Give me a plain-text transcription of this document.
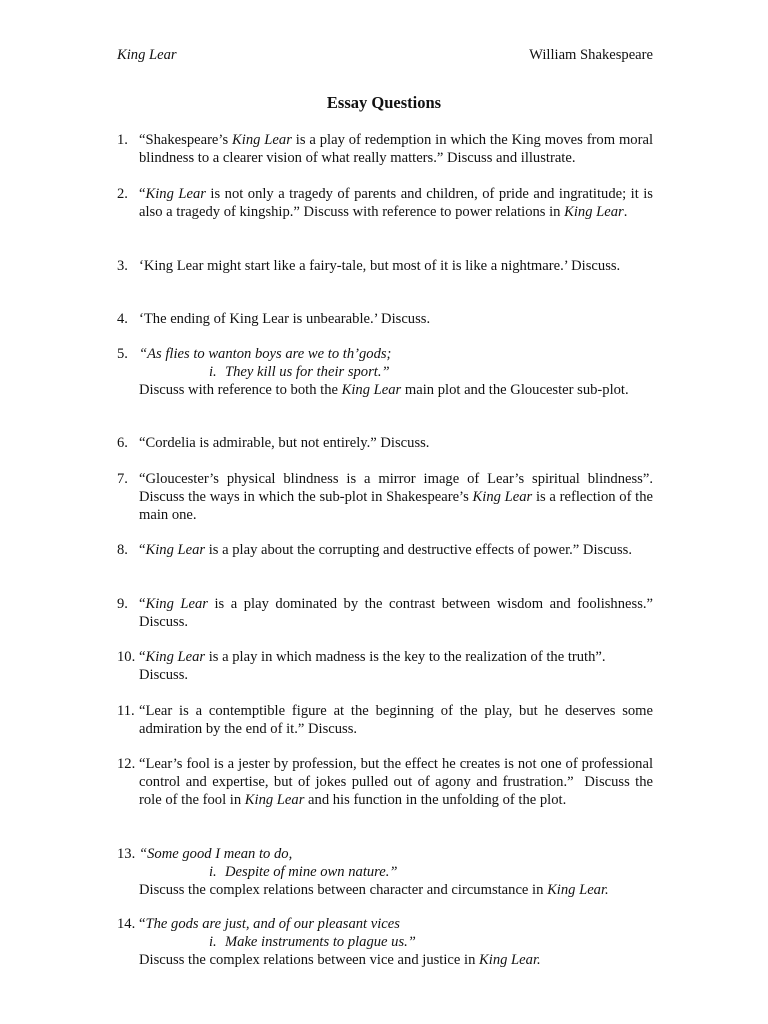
King Lear	William Shakespeare
Essay Questions
1. “Shakespeare’s King Lear is a play of redemption in which the King moves from moral blindness to a clearer vision of what really matters.” Discuss and illustrate.
2. “King Lear is not only a tragedy of parents and children, of pride and ingratitude; it is also a tragedy of kingship.” Discuss with reference to power relations in King Lear.
3. ‘King Lear might start like a fairy-tale, but most of it is like a nightmare.’ Discuss.
4. ‘The ending of King Lear is unbearable.’ Discuss.
5. “As flies to wanton boys are we to th’gods;
i. They kill us for their sport.”
Discuss with reference to both the King Lear main plot and the Gloucester sub-plot.
6. “Cordelia is admirable, but not entirely.” Discuss.
7. “Gloucester’s physical blindness is a mirror image of Lear’s spiritual blindness”. Discuss the ways in which the sub-plot in Shakespeare’s King Lear is a reflection of the main one.
8. “King Lear is a play about the corrupting and destructive effects of power.” Discuss.
9. “King Lear is a play dominated by the contrast between wisdom and foolishness.” Discuss.
10. “King Lear is a play in which madness is the key to the realization of the truth”.
Discuss.
11. “Lear is a contemptible figure at the beginning of the play, but he deserves some admiration by the end of it.” Discuss.
12. “Lear’s fool is a jester by profession, but the effect he creates is not one of professional control and expertise, but of jokes pulled out of agony and frustration.”  Discuss the role of the fool in King Lear and his function in the unfolding of the plot.
13. “Some good I mean to do,
i. Despite of mine own nature.”
Discuss the complex relations between character and circumstance in King Lear.
14. “The gods are just, and of our pleasant vices
i. Make instruments to plague us.”
Discuss the complex relations between vice and justice in King Lear.
